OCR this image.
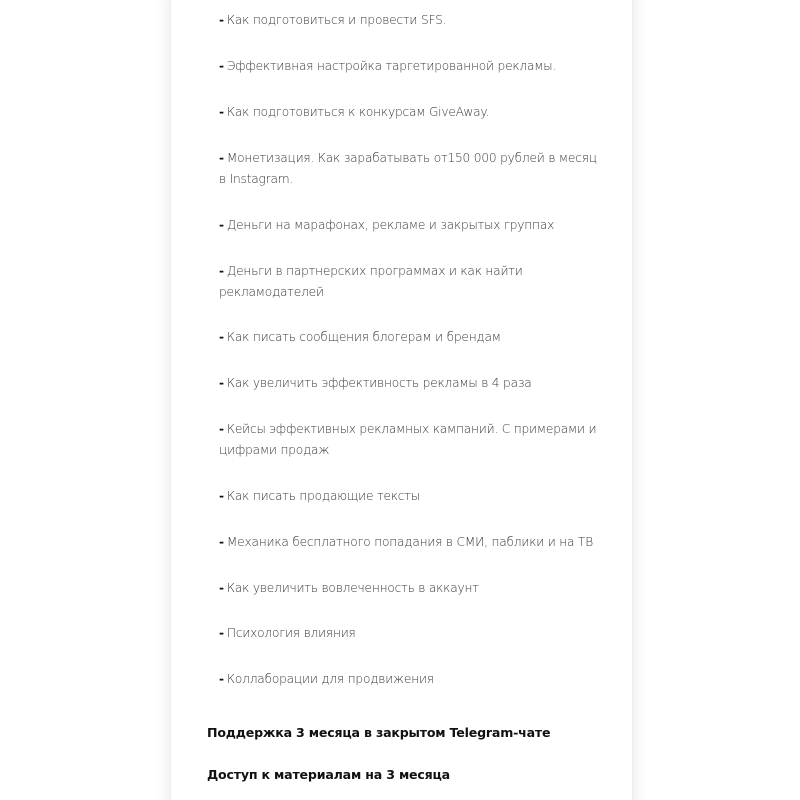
- Как подготовиться и провести SFS.
- Эффективная настройка таргетированной рекламы.
- Как подготовиться к конкурсам GiveAway.
- Монетизация. Как зарабатывать от150 000 рублей в месяц в Instagram.
- Деньги на марафонах, рекламе и закрытых группах
- Деньги в партнерских программах и как найти рекламодателей
- Как писать сообщения блогерам и брендам
- Как увеличить эффективность рекламы в 4 раза
- Кейсы эффективных рекламных кампаний. С примерами и цифрами продаж
- Как писать продающие тексты
- Механика бесплатного попадания в СМИ, паблики и на ТВ
- Как увеличить вовлеченность в аккаунт
- Психология влияния
- Коллаборации для продвижения
Поддержка 3 месяца в закрытом Telegram-чате
Доступ к материалам на 3 месяца
